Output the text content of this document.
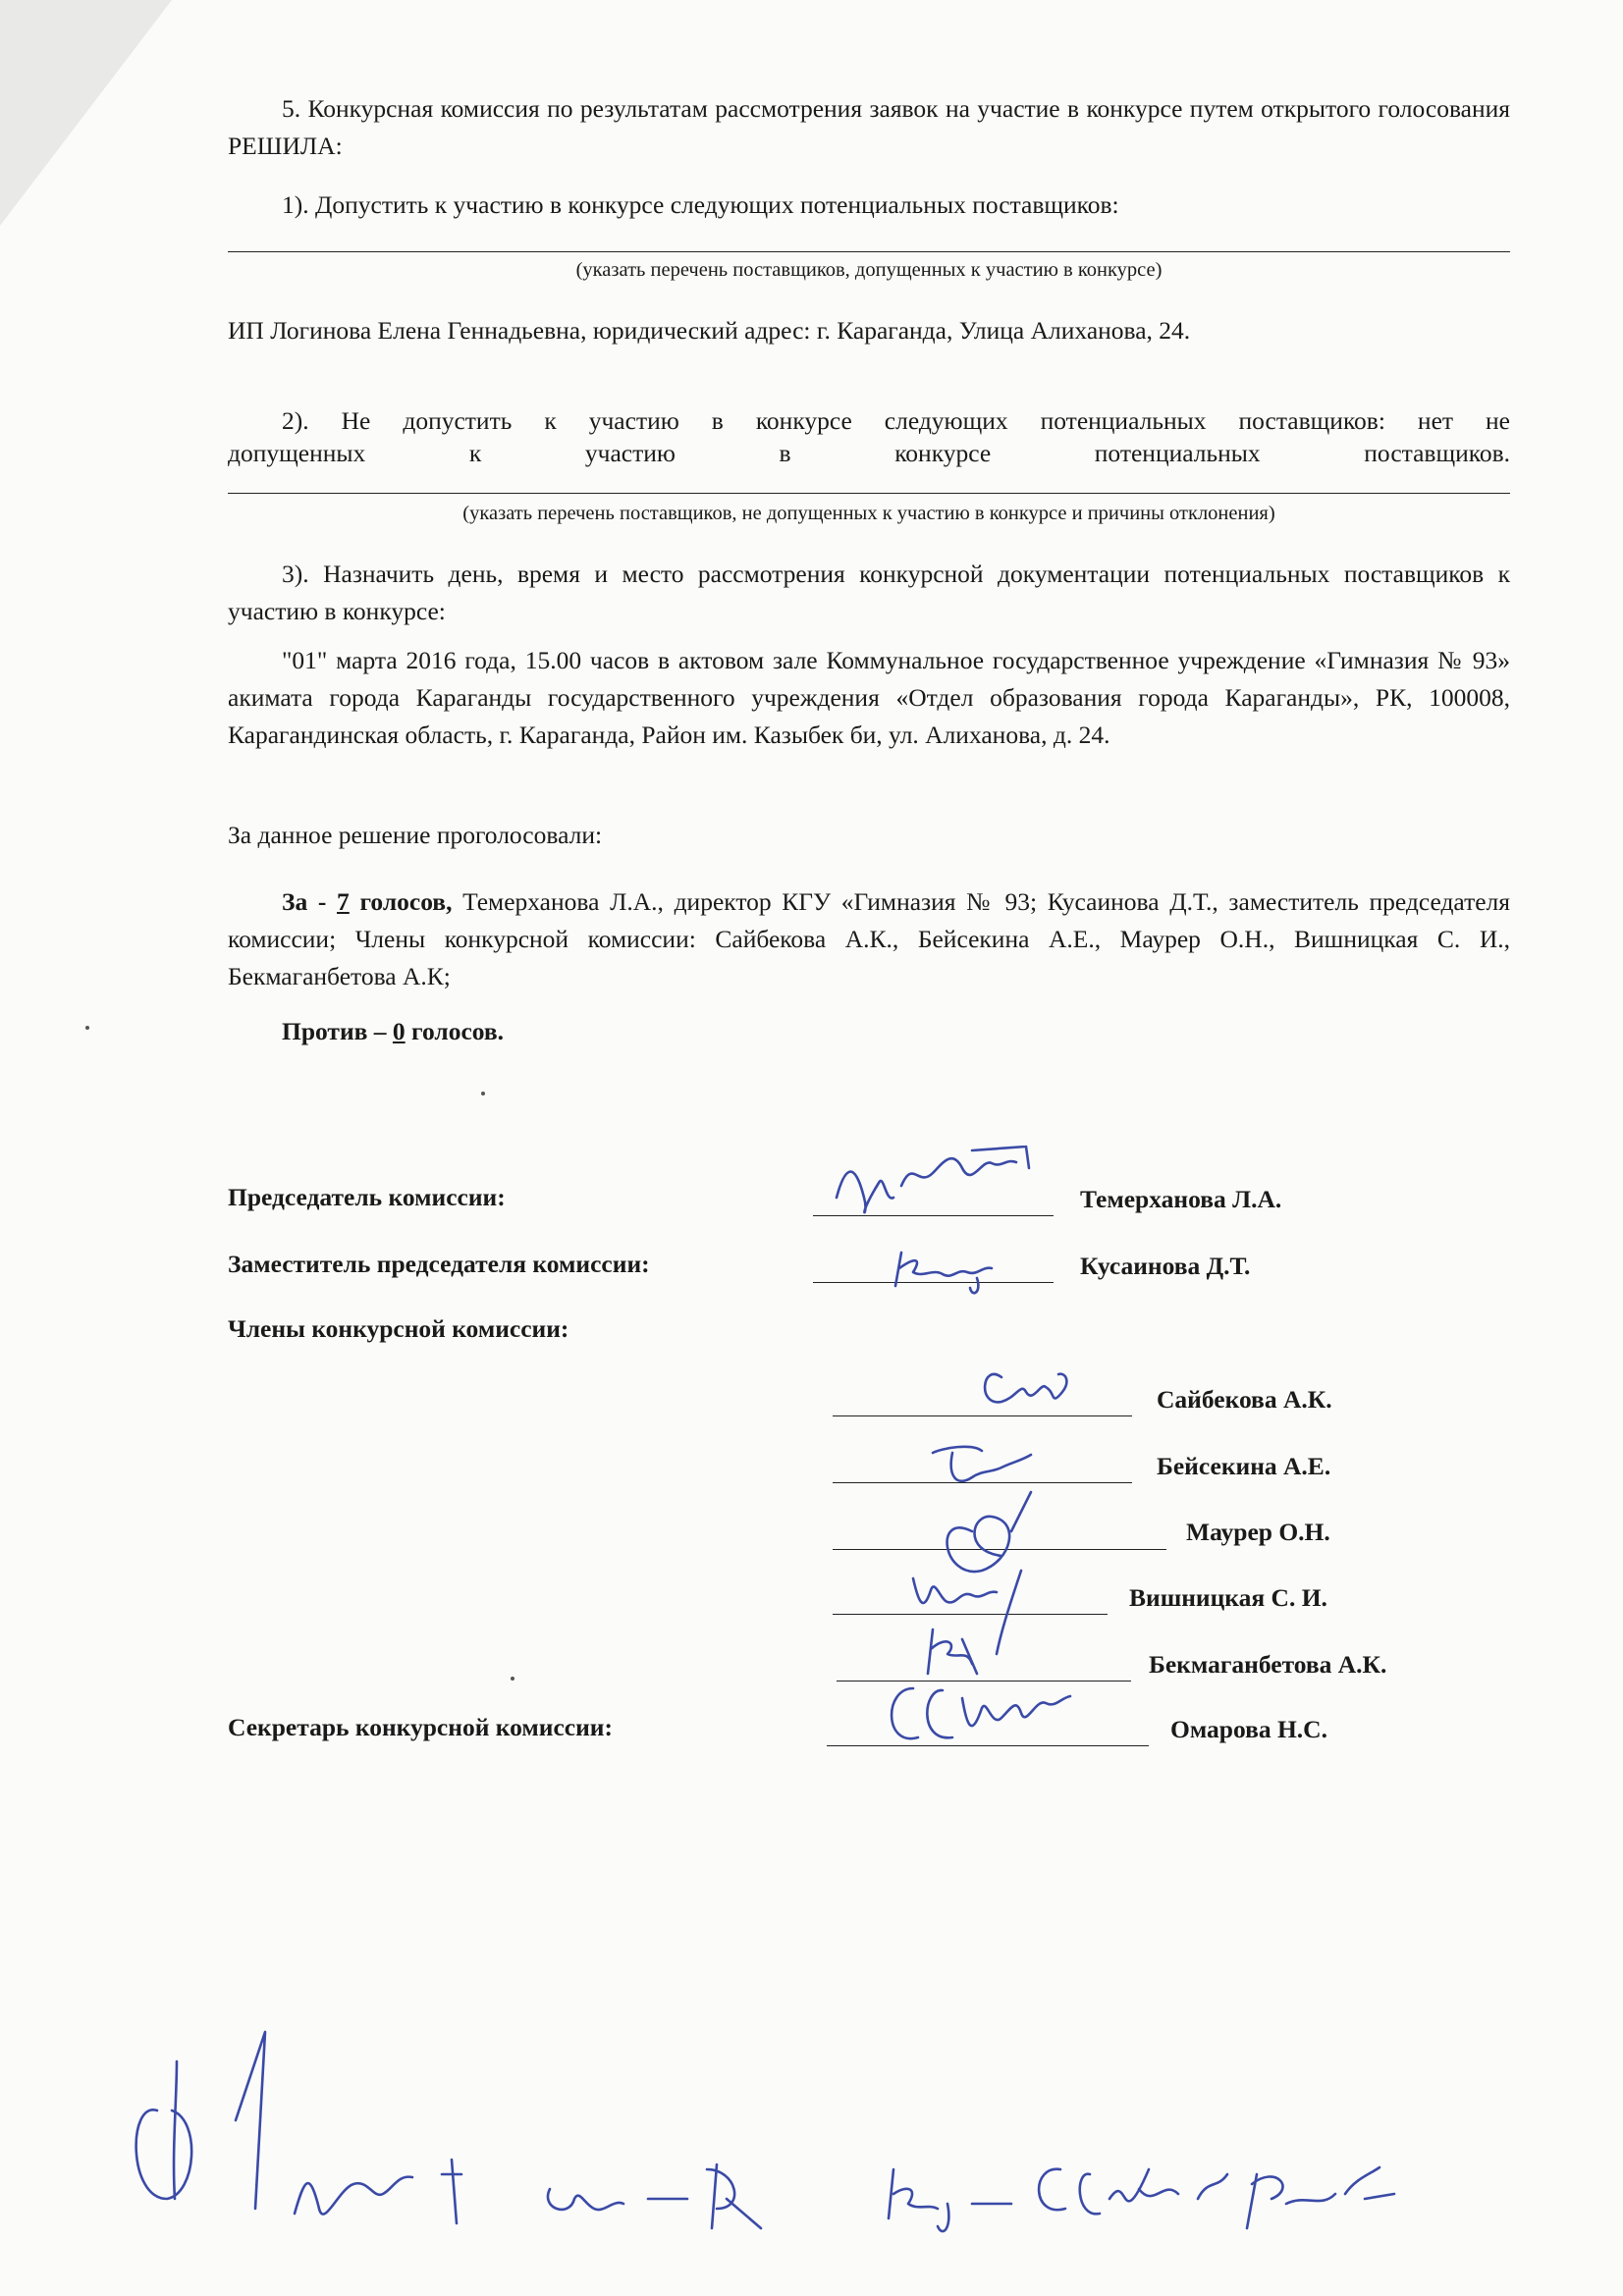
5. Конкурсная комиссия по результатам рассмотрения заявок на участие в конкурсе путем открытого голосования РЕШИЛА:

1). Допустить к участию в конкурсе следующих потенциальных поставщиков:

(указать перечень поставщиков, допущенных к участию в конкурсе)

ИП Логинова Елена Геннадьевна, юридический адрес: г. Караганда, Улица Алиханова, 24.

2). Не допустить к участию в конкурсе следующих потенциальных поставщиков: нет не

допущенных к участию в конкурсе потенциальных поставщиков.

(указать перечень поставщиков, не допущенных к участию в конкурсе и причины отклонения)

3). Назначить день, время и место рассмотрения конкурсной документации потенциальных поставщиков к участию в конкурсе:

"01" марта 2016 года, 15.00 часов в актовом зале Коммунальное государственное учреждение «Гимназия № 93» акимата города Караганды государственного учреждения «Отдел образования города Караганды», РК, 100008, Карагандинская область, г. Караганда, Район им. Казыбек би, ул. Алиханова, д. 24.

За данное решение проголосовали:

За - 7 голосов, Темерханова Л.А., директор КГУ «Гимназия № 93; Кусаинова Д.Т., заместитель председателя комиссии; Члены конкурсной комиссии: Сайбекова А.К., Бейсекина А.Е., Маурер О.Н., Вишницкая С. И., Бекмаганбетова А.К;

Против – 0 голосов.

Председатель комиссии:	Темерханова Л.А.
Заместитель председателя комиссии:	Кусаинова Д.Т.
Члены конкурсной комиссии:
Сайбекова А.К.
Бейсекина А.Е.
Маурер О.Н.
Вишницкая С. И.
Бекмаганбетова А.К.
Секретарь конкурсной комиссии:	Омарова Н.С.
